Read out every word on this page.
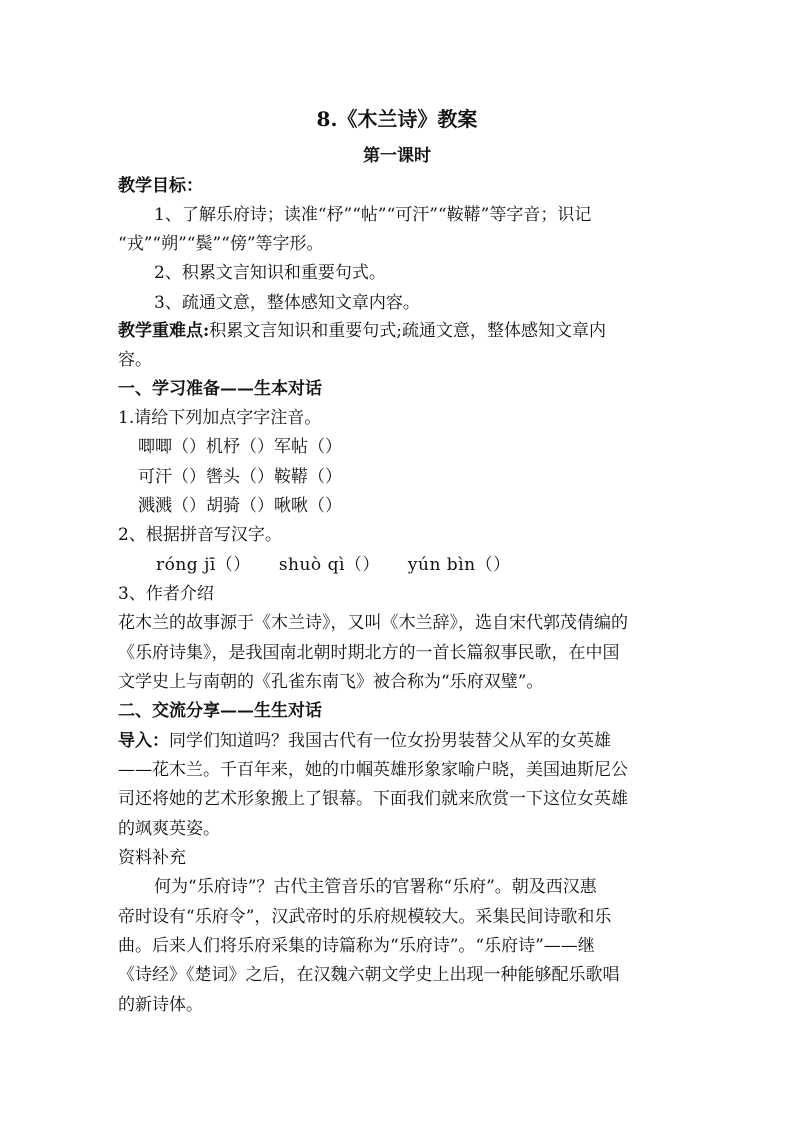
8.《木兰诗》教案
第一课时
教学目标：
1、了解乐府诗；读准“杼”“帖”“可汗”“鞍鞯”等字音；识记
“戎”“朔”“鬓”“傍”等字形。
2、积累文言知识和重要句式。
3、疏通文意，整体感知文章内容。
教学重难点:积累文言知识和重要句式;疏通文意，整体感知文章内
容。
一、学习准备——生本对话
1.请给下列加点字字注音。
唧唧（）机杼（）军帖（）
可汗（）辔头（）鞍鞯（）
溅溅（）胡骑（）啾啾（）
2、根据拼音写汉字。
róng jī（） shuò qì（） yún bìn（）
3、作者介绍
花木兰的故事源于《木兰诗》，又叫《木兰辞》，选自宋代郭茂倩编的
《乐府诗集》，是我国南北朝时期北方的一首长篇叙事民歌，在中国
文学史上与南朝的《孔雀东南飞》被合称为“乐府双璧”。
二、交流分享——生生对话
导入：同学们知道吗？我国古代有一位女扮男装替父从军的女英雄
——花木兰。千百年来，她的巾帼英雄形象家喻户晓，美国迪斯尼公
司还将她的艺术形象搬上了银幕。下面我们就来欣赏一下这位女英雄
的飒爽英姿。
资料补充
何为“乐府诗”？古代主管音乐的官署称“乐府”。朝及西汉惠
帝时设有“乐府令”，汉武帝时的乐府规模较大。采集民间诗歌和乐
曲。后来人们将乐府采集的诗篇称为“乐府诗”。“乐府诗”——继
《诗经》《楚词》之后，在汉魏六朝文学史上出现一种能够配乐歌唱
的新诗体。
